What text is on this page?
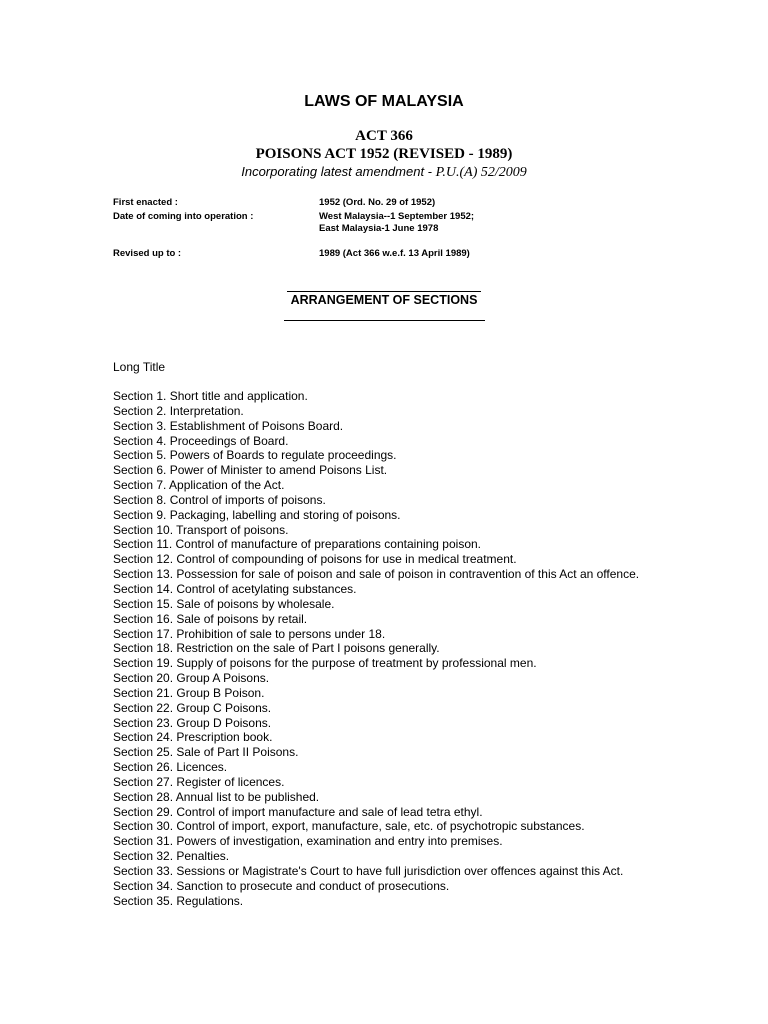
LAWS OF MALAYSIA
ACT 366
POISONS ACT 1952 (REVISED - 1989)
Incorporating latest amendment - P.U.(A) 52/2009
First enacted :	1952 (Ord. No. 29 of 1952)
Date of coming into operation :	West Malaysia--1 September 1952;
East Malaysia-1 June 1978
Revised up to :	1989 (Act 366 w.e.f. 13 April 1989)
ARRANGEMENT OF SECTIONS
Long Title
Section 1. Short title and application.
Section 2. Interpretation.
Section 3. Establishment of Poisons Board.
Section 4. Proceedings of Board.
Section 5. Powers of Boards to regulate proceedings.
Section 6. Power of Minister to amend Poisons List.
Section 7. Application of the Act.
Section 8. Control of imports of poisons.
Section 9. Packaging, labelling and storing of poisons.
Section 10. Transport of poisons.
Section 11. Control of manufacture of preparations containing poison.
Section 12. Control of compounding of poisons for use in medical treatment.
Section 13. Possession for sale of poison and sale of poison in contravention of this Act an offence.
Section 14. Control of acetylating substances.
Section 15. Sale of poisons by wholesale.
Section 16. Sale of poisons by retail.
Section 17. Prohibition of sale to persons under 18.
Section 18. Restriction on the sale of Part I poisons generally.
Section 19. Supply of poisons for the purpose of treatment by professional men.
Section 20. Group A Poisons.
Section 21. Group B Poison.
Section 22. Group C Poisons.
Section 23. Group D Poisons.
Section 24. Prescription book.
Section 25. Sale of Part II Poisons.
Section 26. Licences.
Section 27. Register of licences.
Section 28. Annual list to be published.
Section 29. Control of import manufacture and sale of lead tetra ethyl.
Section 30. Control of import, export, manufacture, sale, etc. of psychotropic substances.
Section 31. Powers of investigation, examination and entry into premises.
Section 32. Penalties.
Section 33. Sessions or Magistrate's Court to have full jurisdiction over offences against this Act.
Section 34. Sanction to prosecute and conduct of prosecutions.
Section 35. Regulations.
